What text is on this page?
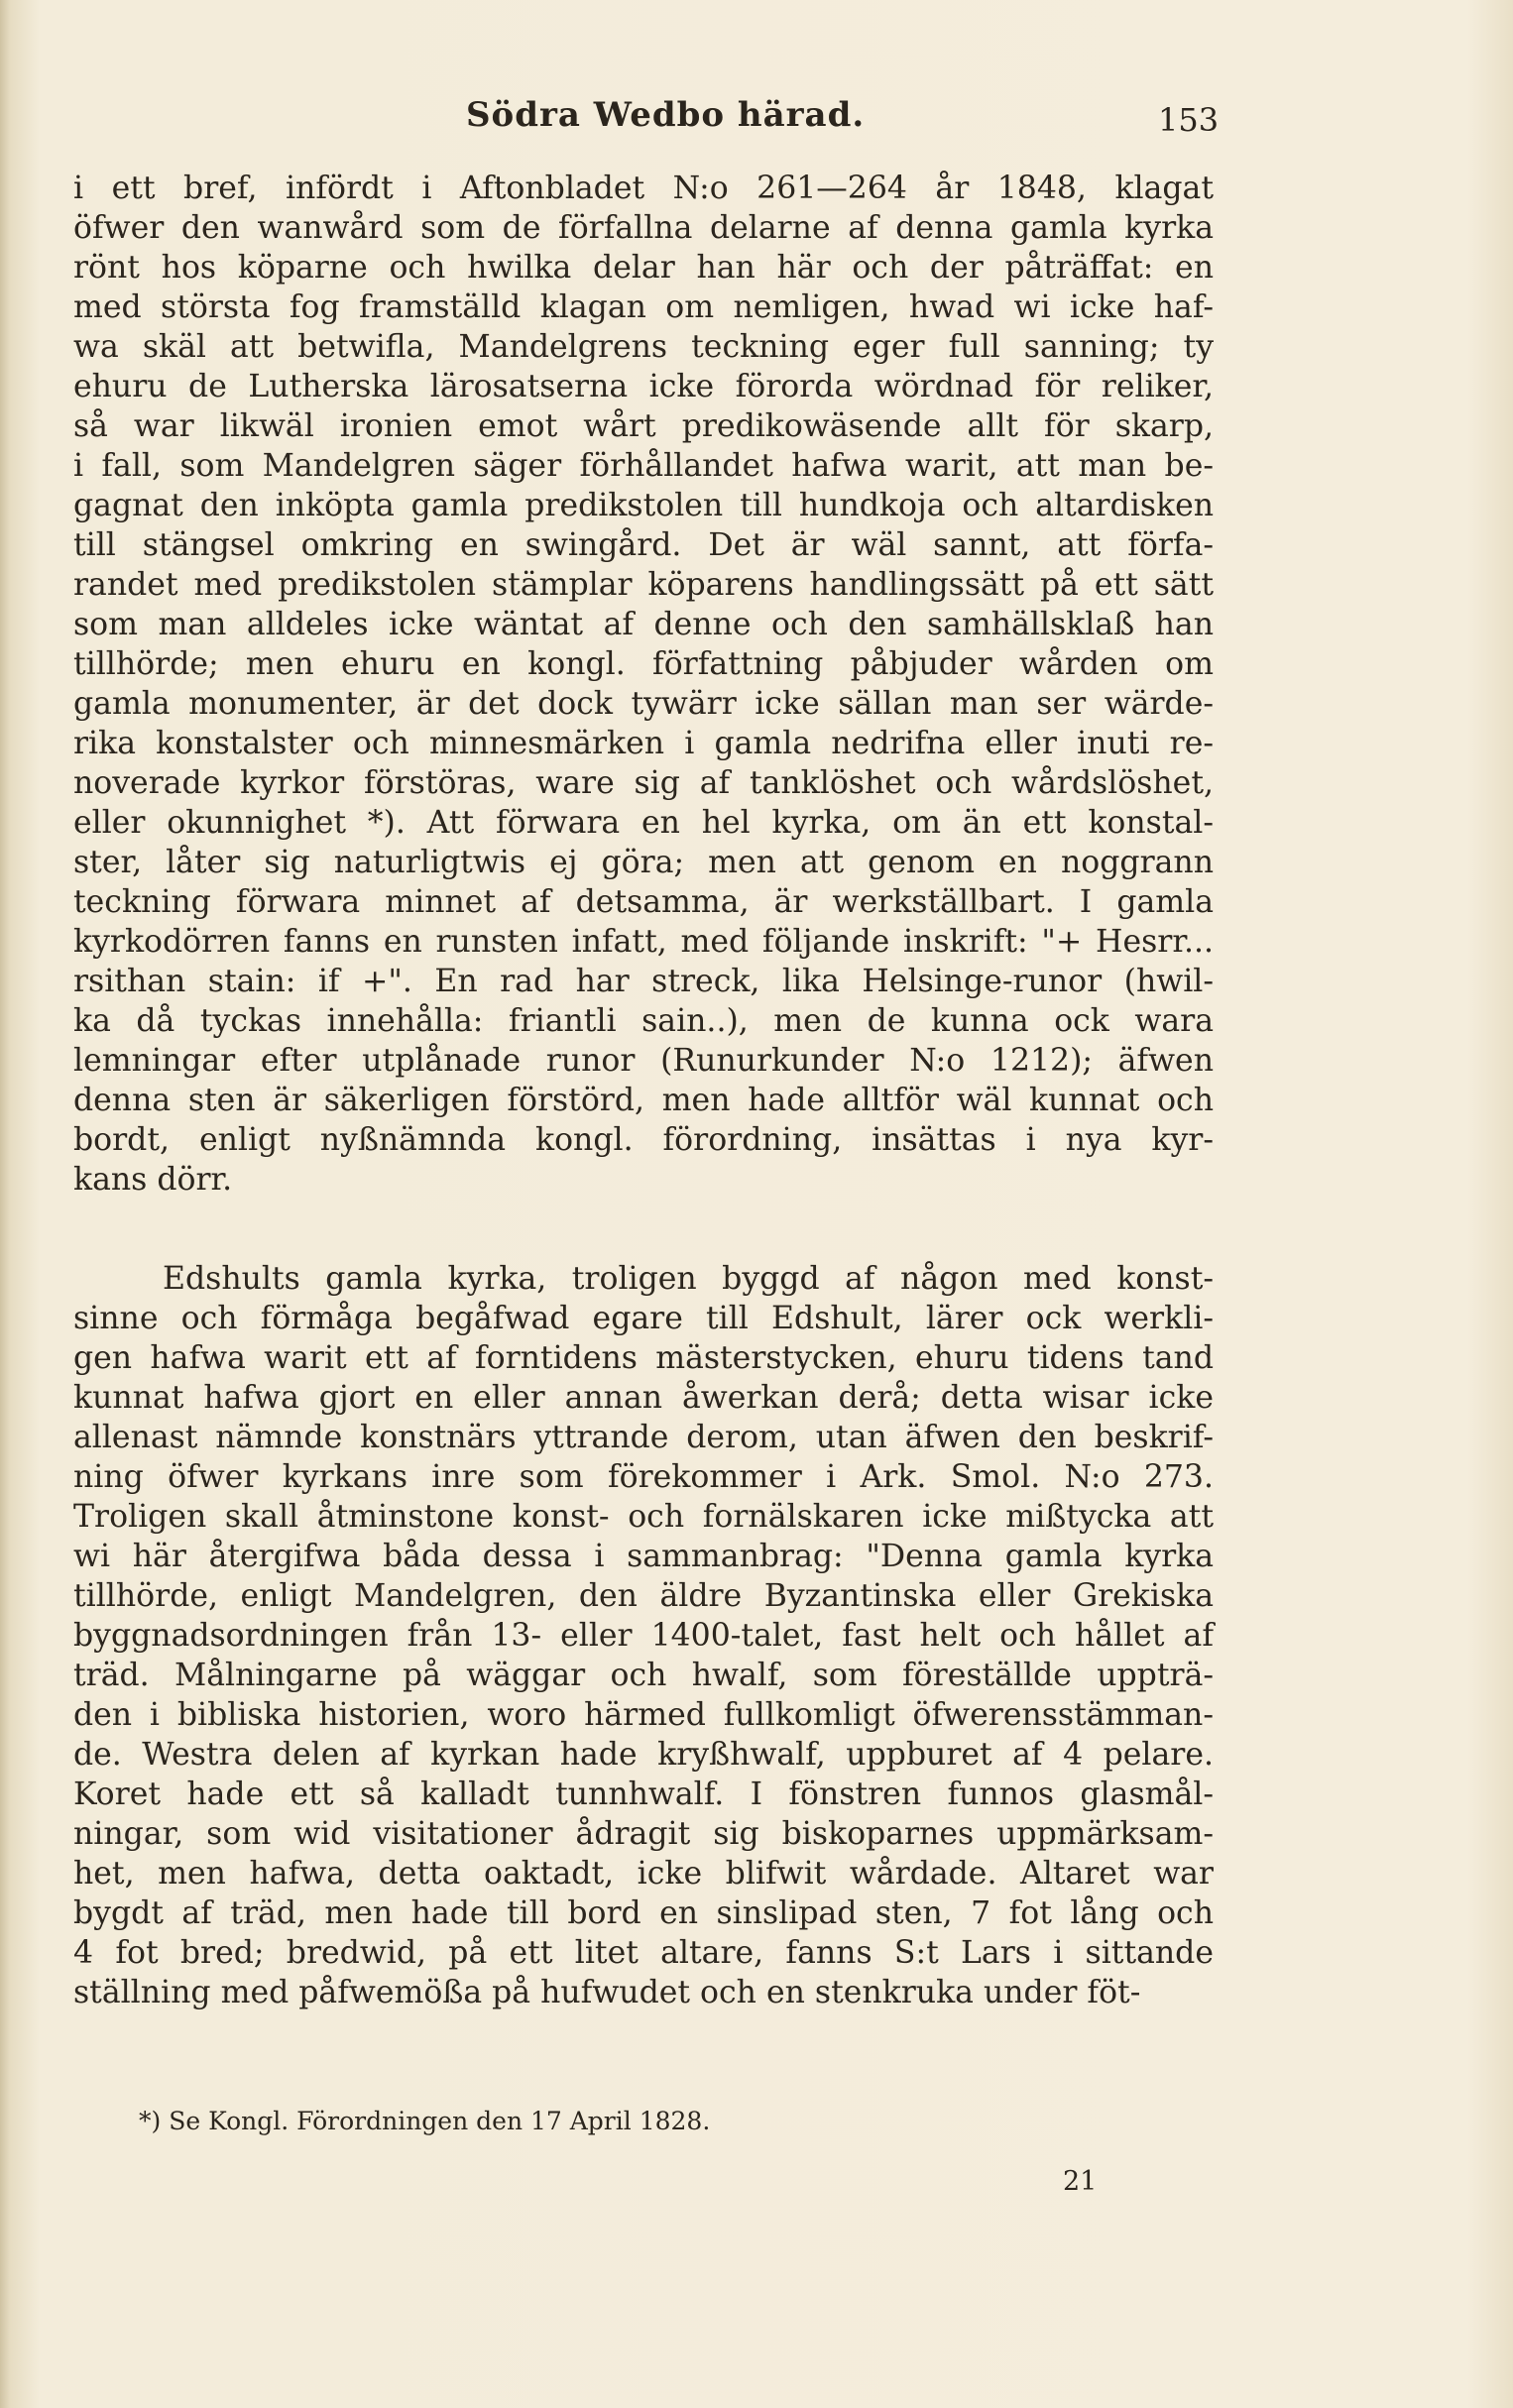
Södra Wedbo härad.	153
i ett bref, infördt i Aftonbladet N:o 261—264 år 1848, klagat
öfwer den wanwård som de förfallna delarne af denna gamla kyrka
rönt hos köparne och hwilka delar han här och der påträffat: en
med största fog framställd klagan om nemligen, hwad wi icke haf-
wa skäl att betwifla, Mandelgrens teckning eger full sanning; ty
ehuru de Lutherska lärosatserna icke förorda wördnad för reliker,
så war likwäl ironien emot wårt predikowäsende allt för skarp,
i fall, som Mandelgren säger förhållandet hafwa warit, att man be-
gagnat den inköpta gamla predikstolen till hundkoja och altardisken
till stängsel omkring en swingård. Det är wäl sannt, att förfa-
randet med predikstolen stämplar köparens handlingssätt på ett sätt
som man alldeles icke wäntat af denne och den samhällsklaß han
tillhörde; men ehuru en kongl. författning påbjuder wården om
gamla monumenter, är det dock tywärr icke sällan man ser wärde-
rika konstalster och minnesmärken i gamla nedrifna eller inuti re-
noverade kyrkor förstöras, ware sig af tanklöshet och wårdslöshet,
eller okunnighet *). Att förwara en hel kyrka, om än ett konstal-
ster, låter sig naturligtwis ej göra; men att genom en noggrann
teckning förwara minnet af detsamma, är werkställbart. I gamla
kyrkodörren fanns en runsten infatt, med följande inskrift: "+ Hesrr...
rsithan stain: if +". En rad har streck, lika Helsinge-runor (hwil-
ka då tyckas innehålla: friantli sain..), men de kunna ock wara
lemningar efter utplånade runor (Runurkunder N:o 1212); äfwen
denna sten är säkerligen förstörd, men hade alltför wäl kunnat och
bordt, enligt nyßnämnda kongl. förordning, insättas i nya kyr-
kans dörr.
Edshults gamla kyrka, troligen byggd af någon med konst-
sinne och förmåga begåfwad egare till Edshult, lärer ock werkli-
gen hafwa warit ett af forntidens mästerstycken, ehuru tidens tand
kunnat hafwa gjort en eller annan åwerkan derå; detta wisar icke
allenast nämnde konstnärs yttrande derom, utan äfwen den beskrif-
ning öfwer kyrkans inre som förekommer i Ark. Smol. N:o 273.
Troligen skall åtminstone konst- och fornälskaren icke mißtycka att
wi här återgifwa båda dessa i sammanbrag: "Denna gamla kyrka
tillhörde, enligt Mandelgren, den äldre Byzantinska eller Grekiska
byggnadsordningen från 13- eller 1400-talet, fast helt och hållet af
träd. Målningarne på wäggar och hwalf, som föreställde uppträ-
den i bibliska historien, woro härmed fullkomligt öfwerensstämman-
de. Westra delen af kyrkan hade kryßhwalf, uppburet af 4 pelare.
Koret hade ett så kalladt tunnhwalf. I fönstren funnos glasmål-
ningar, som wid visitationer ådragit sig biskoparnes uppmärksam-
het, men hafwa, detta oaktadt, icke blifwit wårdade. Altaret war
bygdt af träd, men hade till bord en sinslipad sten, 7 fot lång och
4 fot bred; bredwid, på ett litet altare, fanns S:t Lars i sittande
ställning med påfwemößa på hufwudet och en stenkruka under föt-
*) Se Kongl. Förordningen den 17 April 1828.
21
